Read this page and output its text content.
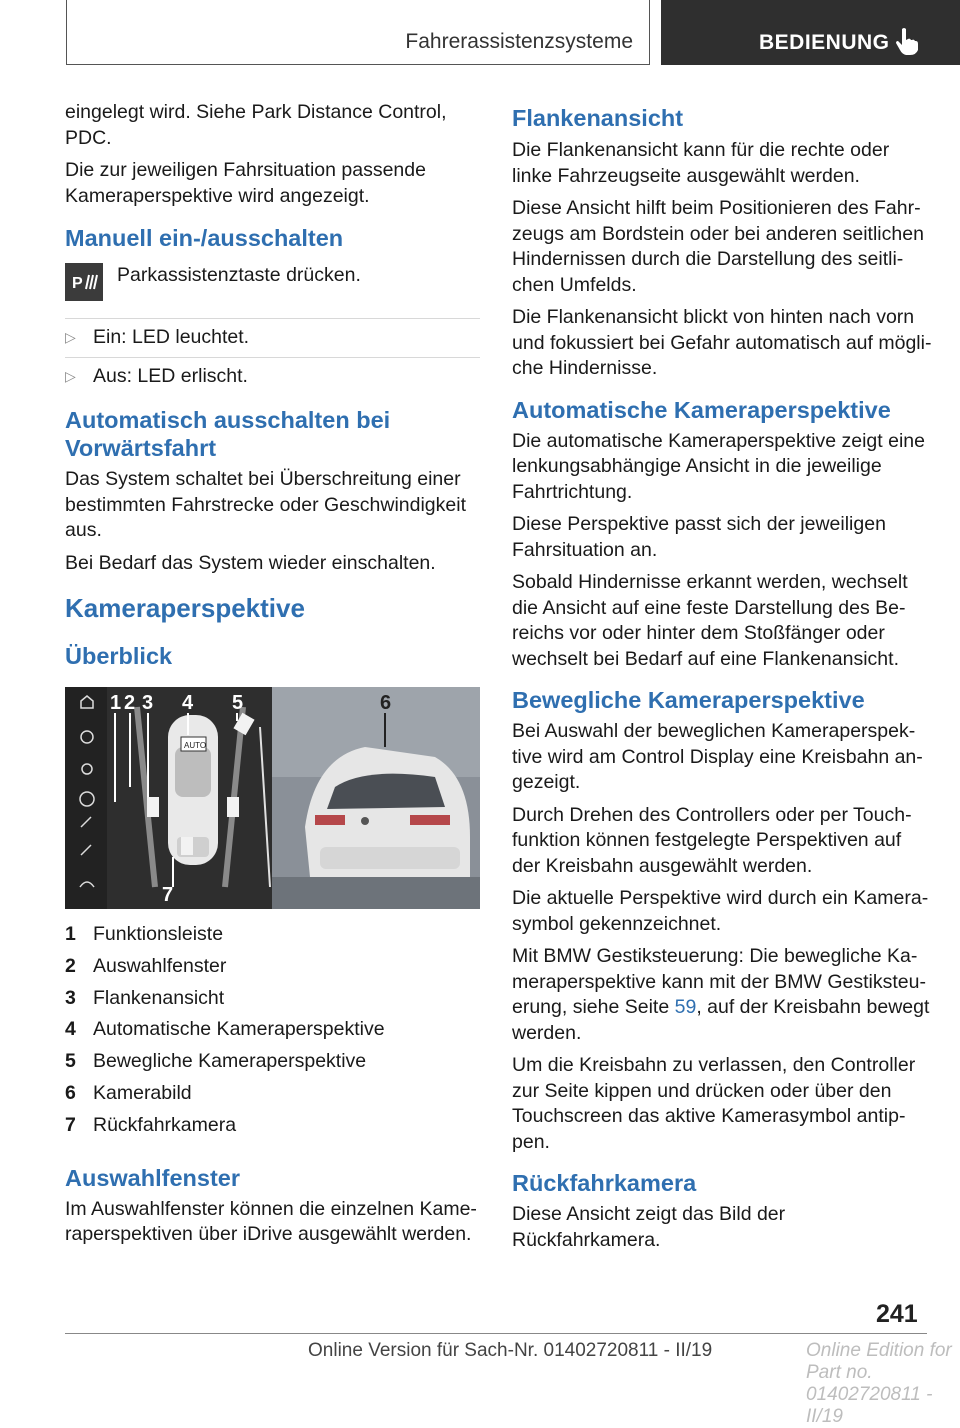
Fahrerassistenzsysteme	BEDIENUNG

eingelegt wird. Siehe Park Distance Control, PDC.

Die zur jeweiligen Fahrsituation passende Kameraperspektive wird angezeigt.

Manuell ein-/ausschalten
P Parkassistenztaste drücken.
▷ Ein: LED leuchtet.
▷ Aus: LED erlischt.
Automatisch ausschalten bei Vorwärtsfahrt

Das System schaltet bei Überschreitung einer bestimmten Fahrstrecke oder Geschwindigkeit aus.

Bei Bedarf das System wieder einschalten.

Kameraperspektive
Überblick
AUTO
1 2 3 4 5	6
7
1 Funktionsleiste
2 Auswahlfenster
3 Flankenansicht
4 Automatische Kameraperspektive
5 Bewegliche Kameraperspektive
6 Kamerabild
7 Rückfahrkamera
Auswahlfenster

Im Auswahlfenster können die einzelnen Kameraperspektiven über iDrive ausgewählt werden.

Flankenansicht

Die Flankenansicht kann für die rechte oder linke Fahrzeugseite ausgewählt werden.

Diese Ansicht hilft beim Positionieren des Fahrzeugs am Bordstein oder bei anderen seitlichen Hindernissen durch die Darstellung des seitlichen Umfelds.

Die Flankenansicht blickt von hinten nach vorn und fokussiert bei Gefahr automatisch auf mögliche Hindernisse.

Automatische Kameraperspektive

Die automatische Kameraperspektive zeigt eine lenkungsabhängige Ansicht in die jeweilige Fahrtrichtung.

Diese Perspektive passt sich der jeweiligen Fahrsituation an.

Sobald Hindernisse erkannt werden, wechselt die Ansicht auf eine feste Darstellung des Bereichs vor oder hinter dem Stoßfänger oder wechselt bei Bedarf auf eine Flankenansicht.

Bewegliche Kameraperspektive

Bei Auswahl der beweglichen Kameraperspektive wird am Control Display eine Kreisbahn angezeigt.

Durch Drehen des Controllers oder per Touchfunktion können festgelegte Perspektiven auf der Kreisbahn ausgewählt werden.

Die aktuelle Perspektive wird durch ein Kamerasymbol gekennzeichnet.

Mit BMW Gestiksteuerung: Die bewegliche Kameraperspektive kann mit der BMW Gestiksteuerung, siehe Seite 59, auf der Kreisbahn bewegt werden.

Um die Kreisbahn zu verlassen, den Controller zur Seite kippen und drücken oder über den Touchscreen das aktive Kamerasymbol antippen.

Rückfahrkamera

Diese Ansicht zeigt das Bild der Rückfahrkamera.

241
Online Version für Sach-Nr. 01402720811 - II/19	Online Edition for Part no. 01402720811 - II/19
